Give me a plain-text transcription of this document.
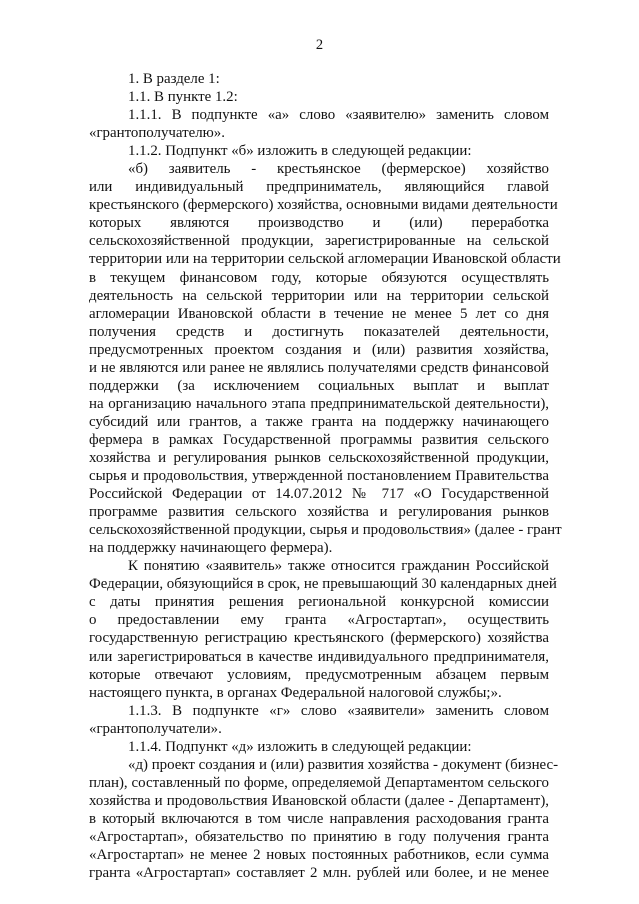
2
1. В разделе 1:
1.1. В пункте 1.2:
1.1.1. В подпункте «а» слово «заявителю» заменить словом
«грантополучателю».
1.1.2. Подпункт «б» изложить в следующей редакции:
«б) заявитель - крестьянское (фермерское) хозяйство
или индивидуальный предприниматель, являющийся главой
крестьянского (фермерского) хозяйства, основными видами деятельности
которых являются производство и (или) переработка
сельскохозяйственной продукции, зарегистрированные на сельской
территории или на территории сельской агломерации Ивановской области
в текущем финансовом году, которые обязуются осуществлять
деятельность на сельской территории или на территории сельской
агломерации Ивановской области в течение не менее 5 лет со дня
получения средств и достигнуть показателей деятельности,
предусмотренных проектом создания и (или) развития хозяйства,
и не являются или ранее не являлись получателями средств финансовой
поддержки (за исключением социальных выплат и выплат
на организацию начального этапа предпринимательской деятельности),
субсидий или грантов, а также гранта на поддержку начинающего
фермера в рамках Государственной программы развития сельского
хозяйства и регулирования рынков сельскохозяйственной продукции,
сырья и продовольствия, утвержденной постановлением Правительства
Российской Федерации от 14.07.2012 № 717 «О Государственной
программе развития сельского хозяйства и регулирования рынков
сельскохозяйственной продукции, сырья и продовольствия» (далее - грант
на поддержку начинающего фермера).
К понятию «заявитель» также относится гражданин Российской
Федерации, обязующийся в срок, не превышающий 30 календарных дней
с даты принятия решения региональной конкурсной комиссии
о предоставлении ему гранта «Агростартап», осуществить
государственную регистрацию крестьянского (фермерского) хозяйства
или зарегистрироваться в качестве индивидуального предпринимателя,
которые отвечают условиям, предусмотренным абзацем первым
настоящего пункта, в органах Федеральной налоговой службы;».
1.1.3. В подпункте «г» слово «заявители» заменить словом
«грантополучатели».
1.1.4. Подпункт «д» изложить в следующей редакции:
«д) проект создания и (или) развития хозяйства - документ (бизнес-
план), составленный по форме, определяемой Департаментом сельского
хозяйства и продовольствия Ивановской области (далее - Департамент),
в который включаются в том числе направления расходования гранта
«Агростартап», обязательство по принятию в году получения гранта
«Агростартап» не менее 2 новых постоянных работников, если сумма
гранта «Агростартап» составляет 2 млн. рублей или более, и не менее
